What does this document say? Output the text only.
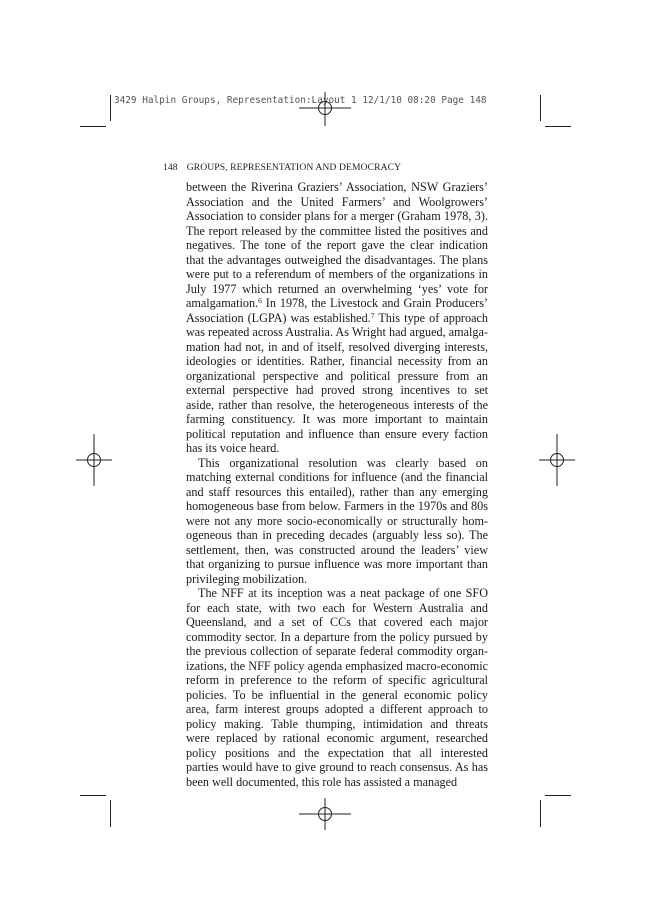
3429 Halpin Groups, Representation:Layout 1 12/1/10 08:20 Page 148
148 GROUPS, REPRESENTATION AND DEMOCRACY

between the Riverina Graziers’ Association, NSW Graziers’
Association and the United Farmers’ and Woolgrowers’
Association to consider plans for a merger (Graham 1978, 3).
The report released by the committee listed the positives and
negatives. The tone of the report gave the clear indication
that the advantages outweighed the disadvantages. The plans
were put to a referendum of members of the organizations in
July 1977 which returned an overwhelming ‘yes’ vote for
amalgamation.$^6$ In 1978, the Livestock and Grain Producers’
Association (LGPA) was established.$^7$ This type of approach
was repeated across Australia. As Wright had argued, amalga-
mation had not, in and of itself, resolved diverging interests,
ideologies or identities. Rather, financial necessity from an
organizational perspective and political pressure from an
external perspective had proved strong incentives to set
aside, rather than resolve, the heterogeneous interests of the
farming constituency. It was more important to maintain
political reputation and influence than ensure every faction
has its voice heard.

This organizational resolution was clearly based on
matching external conditions for influence (and the financial
and staff resources this entailed), rather than any emerging
homogeneous base from below. Farmers in the 1970s and 80s
were not any more socio-economically or structurally hom-
ogeneous than in preceding decades (arguably less so). The
settlement, then, was constructed around the leaders’ view
that organizing to pursue influence was more important than
privileging mobilization.

The NFF at its inception was a neat package of one SFO
for each state, with two each for Western Australia and
Queensland, and a set of CCs that covered each major
commodity sector. In a departure from the policy pursued by
the previous collection of separate federal commodity organ-
izations, the NFF policy agenda emphasized macro-economic
reform in preference to the reform of specific agricultural
policies. To be influential in the general economic policy
area, farm interest groups adopted a different approach to
policy making. Table thumping, intimidation and threats
were replaced by rational economic argument, researched
policy positions and the expectation that all interested
parties would have to give ground to reach consensus. As has
been well documented, this role has assisted a managed
